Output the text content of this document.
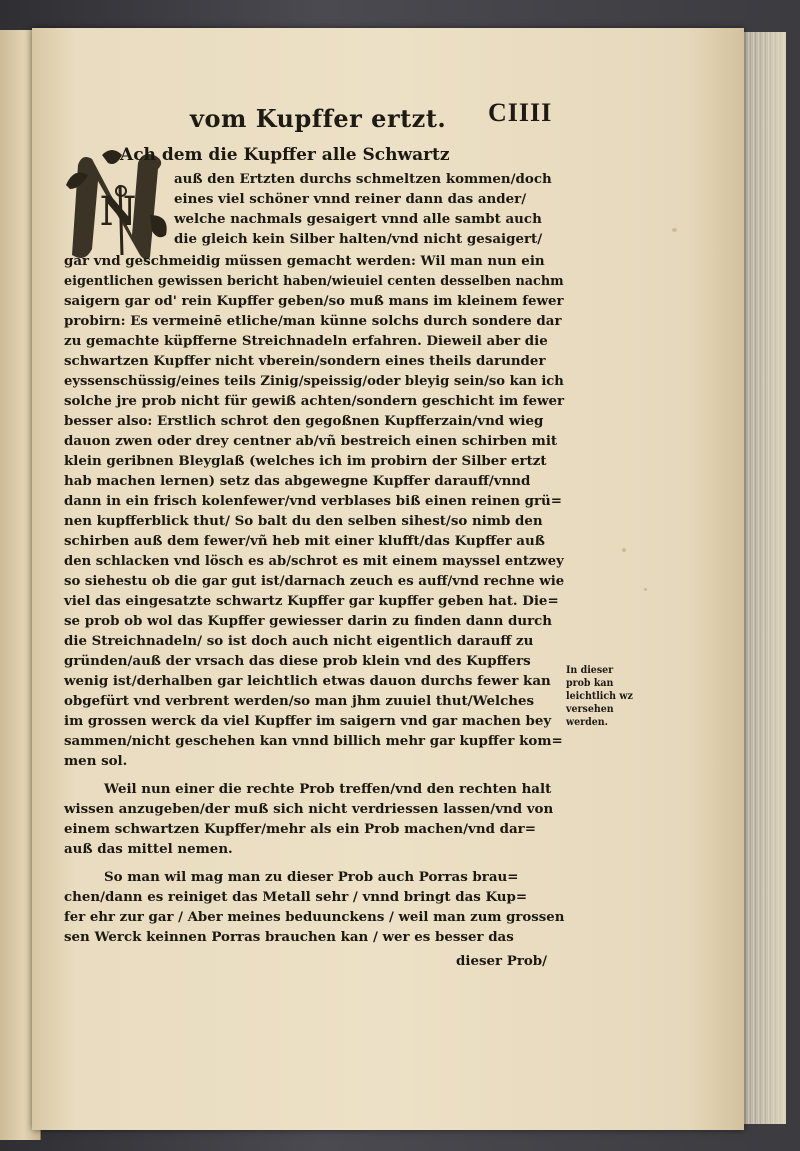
vom Kupffer ertzt. CIIII
N
Ach dem die Kupffer alle Schwartz
auß den Ertzten durchs schmeltzen kommen/doch
eines viel schöner vnnd reiner dann das ander/
welche nachmals gesaigert vnnd alle sambt auch
die gleich kein Silber halten/vnd nicht gesaigert/
gar vnd geschmeidig müssen gemacht werden: Wil man nun ein
eigentlichen gewissen bericht haben/wieuiel centen desselben nachm
saigern gar od' rein Kupffer geben/so muß mans im kleinem fewer
probirn: Es vermeinē etliche/man künne solchs durch sondere dar
zu gemachte küpfferne Streichnadeln erfahren. Dieweil aber die
schwartzen Kupffer nicht vberein/sondern eines theils darunder
eyssenschüssig/eines teils Zinig/speissig/oder bleyig sein/so kan ich
solche jre prob nicht für gewiß achten/sondern geschicht im fewer
besser also: Erstlich schrot den gegoßnen Kupfferzain/vnd wieg
dauon zwen oder drey centner ab/vñ bestreich einen schirben mit
klein geribnen Bleyglaß (welches ich im probirn der Silber ertzt
hab machen lernen) setz das abgewegne Kupffer darauff/vnnd
dann in ein frisch kolenfewer/vnd verblases biß einen reinen grü=
nen kupfferblick thut/ So balt du den selben sihest/so nimb den
schirben auß dem fewer/vñ heb mit einer klufft/das Kupffer auß
den schlacken vnd lösch es ab/schrot es mit einem mayssel entzwey
so siehestu ob die gar gut ist/darnach zeuch es auff/vnd rechne wie
viel das eingesatzte schwartz Kupffer gar kupffer geben hat. Die=
se prob ob wol das Kupffer gewiesser darin zu finden dann durch
die Streichnadeln/ so ist doch auch nicht eigentlich darauff zu
gründen/auß der vrsach das diese prob klein vnd des Kupffers
wenig ist/derhalben gar leichtlich etwas dauon durchs fewer kan
obgefürt vnd verbrent werden/so man jhm zuuiel thut/Welches
im grossen werck da viel Kupffer im saigern vnd gar machen bey
sammen/nicht geschehen kan vnnd billich mehr gar kupffer kom=
men sol.
Weil nun einer die rechte Prob treffen/vnd den rechten halt
wissen anzugeben/der muß sich nicht verdriessen lassen/vnd von
einem schwartzen Kupffer/mehr als ein Prob machen/vnd dar=
auß das mittel nemen.
So man wil mag man zu dieser Prob auch Porras brau=
chen/dann es reiniget das Metall sehr / vnnd bringt das Kup=
fer ehr zur gar / Aber meines beduunckens / weil man zum grossen
sen Werck keinnen Porras brauchen kan / wer es besser das
dieser Prob/
In dieser
prob kan
leichtlich wz
versehen
werden.
